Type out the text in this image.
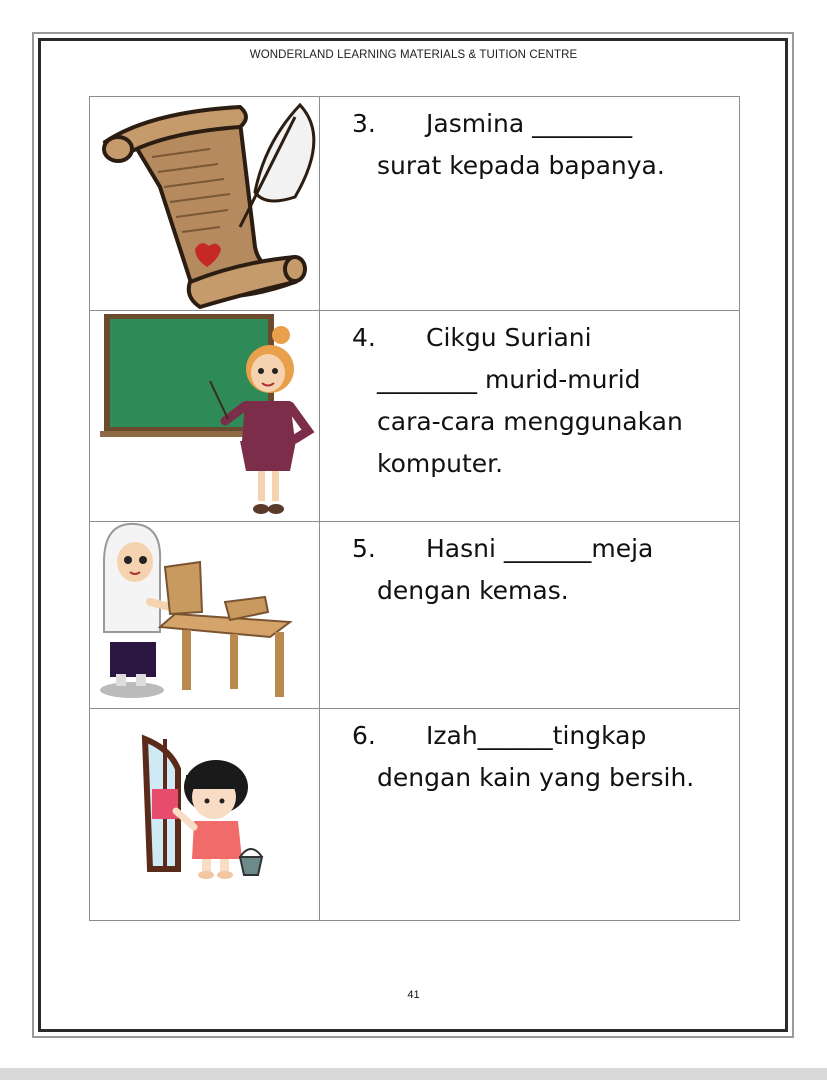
WONDERLAND LEARNING MATERIALS & TUITION CENTRE
3. Jasmina ________
surat kepada bapanya.
4. Cikgu Suriani
________ murid-murid
cara-cara menggunakan
komputer.
5. Hasni _______meja
dengan kemas.
6. Izah______tingkap
dengan kain yang bersih.
41
